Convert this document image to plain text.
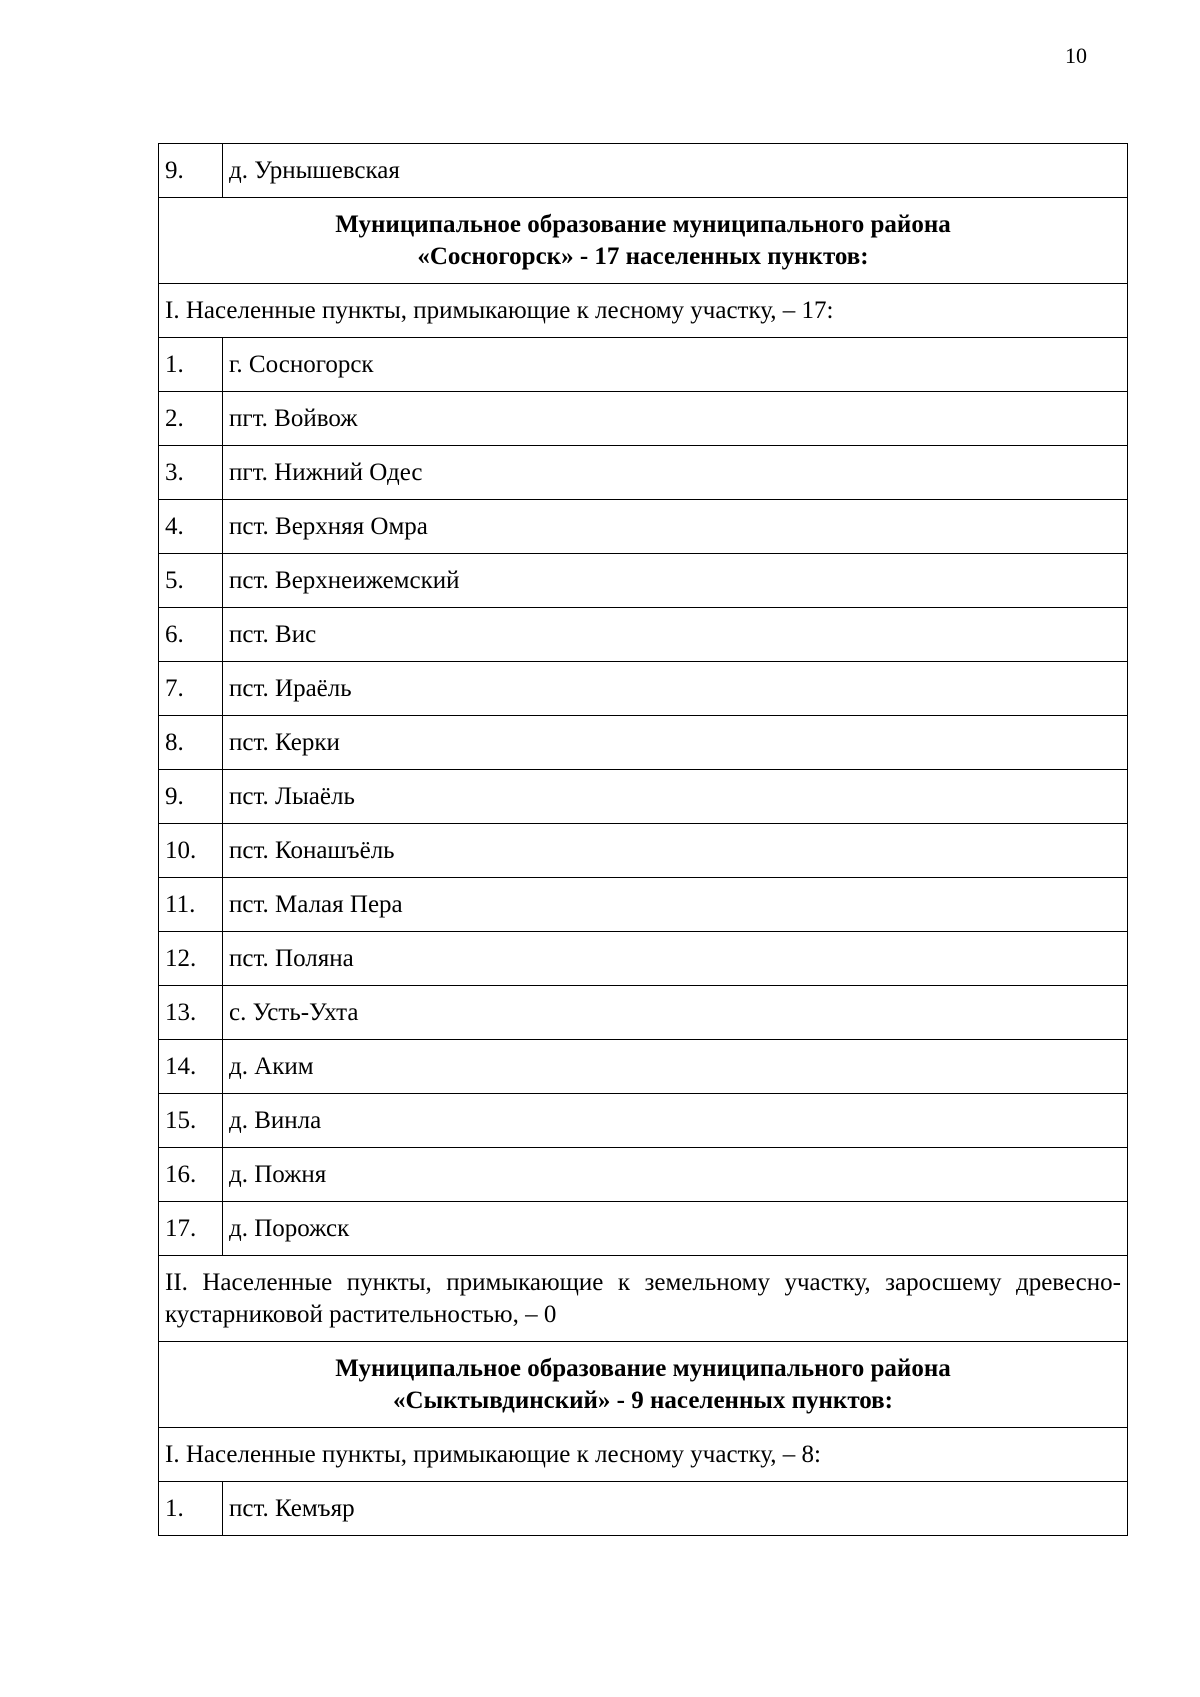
10
9.	д. Урнышевская

Муниципальное образование муниципального района
«Сосногорск» - 17 населенных пунктов:	

I. Населенные пункты, примыкающие к лесному участку, – 17:	
1.	г. Сосногорск
2.	пгт. Войвож
3.	пгт. Нижний Одес
4.	пст. Верхняя Омра
5.	пст. Верхнеижемский
6.	пст. Вис
7.	пст. Ираёль
8.	пст. Керки
9.	пст. Лыаёль
10.	пст. Конашъёль
11.	пст. Малая Пера
12.	пст. Поляна
13.	с. Усть-Ухта
14.	д. Аким
15.	д. Винла
16.	д. Пожня
17.	д. Порожск
II. Населенные пункты, примыкающие к земельному участку, заросшему древесно-кустарниковой растительностью, – 0	

Муниципальное образование муниципального района
«Сыктывдинский» - 9 населенных пунктов:	

I. Населенные пункты, примыкающие к лесному участку, – 8:	
1.	пст. Кемъяр
